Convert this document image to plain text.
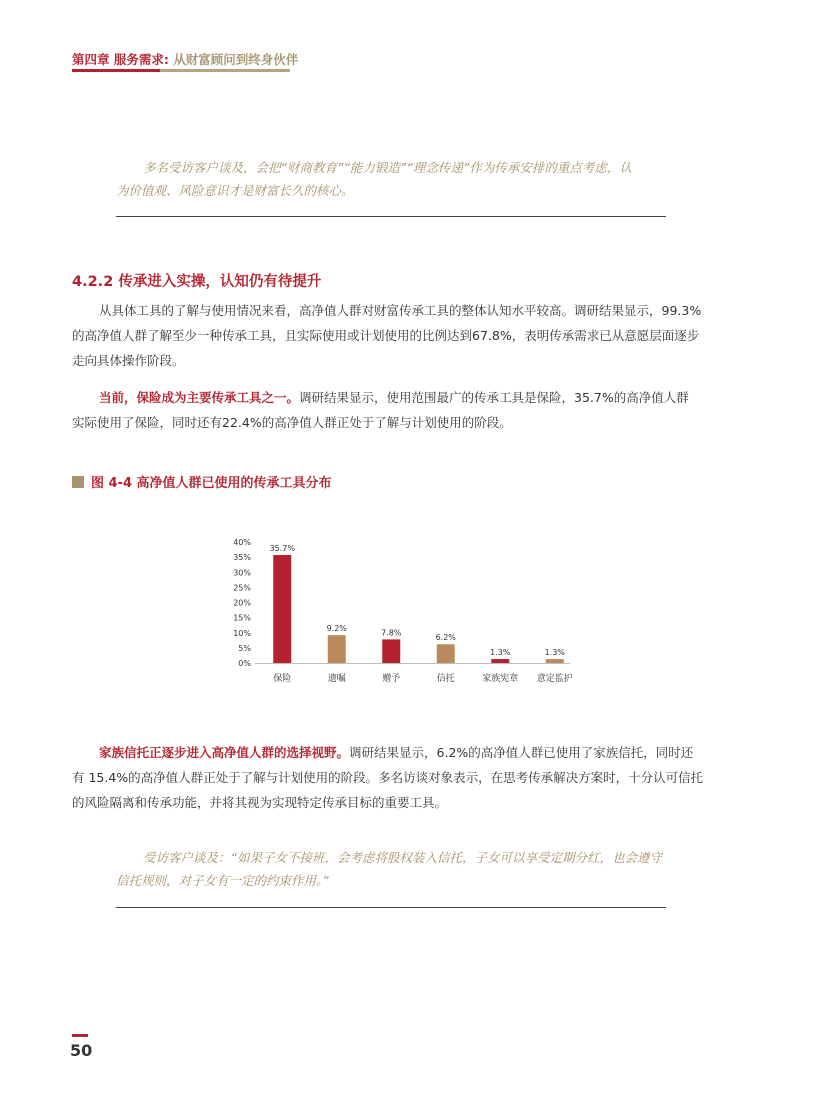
第四章 服务需求: 从财富顾问到终身伙伴
多名受访客户谈及，会把“财商教育”“能力锻造”“理念传递”作为传承安排的重点考虑，认
为价值观、风险意识才是财富长久的核心。
4.2.2 传承进入实操，认知仍有待提升
从具体工具的了解与使用情况来看，高净值人群对财富传承工具的整体认知水平较高。调研结果显示，99.3%
的高净值人群了解至少一种传承工具，且实际使用或计划使用的比例达到67.8%，表明传承需求已从意愿层面逐步
走向具体操作阶段。
当前，保险成为主要传承工具之一。调研结果显示，使用范围最广的传承工具是保险，35.7%的高净值人群
实际使用了保险，同时还有22.4%的高净值人群正处于了解与计划使用的阶段。
图 4-4 高净值人群已使用的传承工具分布
0%
5%
10%
15%
20%
25%
30%
35%
40%
35.7%
9.2%	7.8%
6.2%
1.3%	1.3%
保险	遗嘱	赠予	信托	家族宪章 意定监护
家族信托正逐步进入高净值人群的选择视野。调研结果显示，6.2%的高净值人群已使用了家族信托，同时还
有 15.4%的高净值人群正处于了解与计划使用的阶段。多名访谈对象表示，在思考传承解决方案时，十分认可信托
的风险隔离和传承功能，并将其视为实现特定传承目标的重要工具。
受访客户谈及：“如果子女不接班，会考虑将股权装入信托，子女可以享受定期分红，也会遵守
信托规则，对子女有一定的约束作用。”
50
